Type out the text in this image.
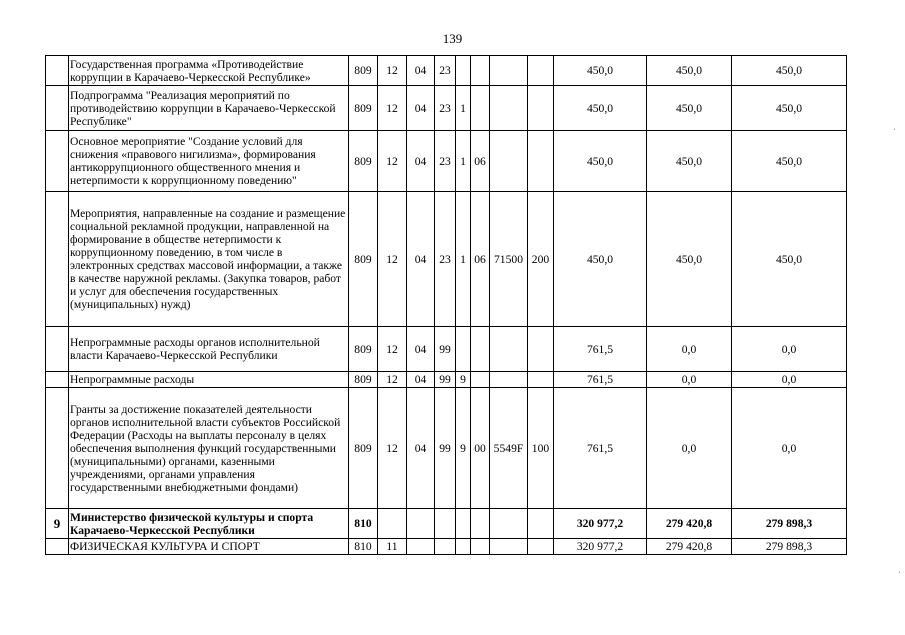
139
	Государственная программа «Противодействие коррупции в Карачаево-Черкесской Республике»	809	12	04	23					450,0	450,0	450,0
	Подпрограмма "Реализация мероприятий по противодействию коррупции в Карачаево-Черкесской Республике"	809	12	04	23	1				450,0	450,0	450,0
	Основное мероприятие "Создание условий для снижения «правового нигилизма», формирования антикоррупционного общественного мнения и нетерпимости к коррупционному поведению"	809	12	04	23	1	06			450,0	450,0	450,0
	Мероприятия, направленные на создание и размещение социальной рекламной продукции, направленной на формирование в обществе нетерпимости к коррупционному поведению, в том числе в электронных средствах массовой информации, а также в качестве наружной рекламы. (Закупка товаров, работ и услуг для обеспечения государственных (муниципальных) нужд)	809	12	04	23	1	06	71500	200	450,0	450,0	450,0
	Непрограммные расходы органов исполнительной власти Карачаево-Черкесской Республики	809	12	04	99					761,5	0,0	0,0
	Непрограммные расходы	809	12	04	99	9				761,5	0,0	0,0
	Гранты за достижение показателей деятельности органов исполнительной власти субъектов Российской Федерации (Расходы на выплаты персоналу в целях обеспечения выполнения функций государственными (муниципальными) органами, казенными учреждениями, органами управления государственными внебюджетными фондами)	809	12	04	99	9	00	5549F	100	761,5	0,0	0,0
9	Министерство физической культуры и спорта Карачаево-Черкесской Республики	810								320 977,2	279 420,8	279 898,3
	ФИЗИЧЕСКАЯ КУЛЬТУРА И СПОРТ	810	11							320 977,2	279 420,8	279 898,3
ˈ
ˈ
